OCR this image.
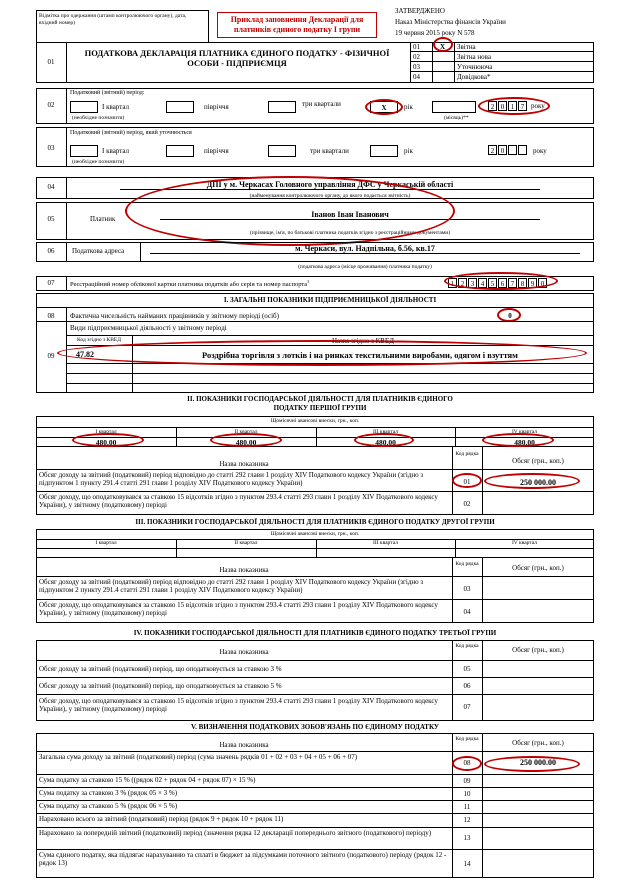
Відмітка про одержання (штамп контролюючого органу), дата, вхідний номер)	Приклад заповнення Декларації для платників єдиного податку I групи
ЗАТВЕРДЖЕНО
Наказ Міністерства фінансів України
19 червня 2015 року N 578
01
ПОДАТКОВА ДЕКЛАРАЦІЯ ПЛАТНИКА ЄДИНОГО ПОДАТКУ - ФІЗИЧНОЇ ОСОБИ - ПІДПРИЄМЦЯ
01	X Звітна
02	Звітна нова
03	Уточнююча
04	Довідкова*
02
Податковий (звітний) період:
I квартал
(необхідне позначити)
півріччя	три квартали	X	рік
(місяць)**
2 0 1 7 року
03
Податковий (звітний) період, який уточнюється
I квартал
(необхідне позначити)
півріччя	три квартали	рік	2 0	року
04	ДПІ у м. Черкасах Головного управління ДФС у Черкаській області
(найменування контролюючого органу, до якого подається звітність)
05	Платник	Іванов Іван Іванович
(прізвище, ім'я, по батькові платника податків згідно з реєстраційними документами)
06	Податкова адреса	м. Черкаси, вул. Надпільна, б.56, кв.17
(податкова адреса (місце проживання) платника податку)
07	Реєстраційний номер облікової картки платника податків або серія та номер паспорта$^3$	1 2 3 4 5 6 7 8 9 0
I. ЗАГАЛЬНІ ПОКАЗНИКИ ПІДПРИЄМНИЦЬКОЇ ДІЯЛЬНОСТІ
08	Фактична чисельність найманих працівників у звітному періоді (осіб)	0
Види підприємницької діяльності у звітному періоді
09
Код згідно з КВЕД	Назва згідно з КВЕД
47.82	Роздрібна торгівля з лотків і на ринках текстильними виробами, одягом і взуттям
II. ПОКАЗНИКИ ГОСПОДАРСЬКОЇ ДІЯЛЬНОСТІ ДЛЯ ПЛАТНИКІВ ЄДИНОГО ПОДАТКУ ПЕРШОЇ ГРУПИ
Щомісячні авансові внески, грн., коп.
I квартал	II квартал	III квартал	IV квартал
480.00	480.00	480.00	480.00
Назва показника
Код рядка
Обсяг (грн., коп.)
Обсяг доходу за звітний (податковий) період відповідно до статті 292 глави 1 розділу XIV Податкового кодексу України (згідно з підпунктом 1 пункту 291.4 статті 291 глави 1 розділу XIV Податкового кодексу України)	01	250 000.00
Обсяг доходу, що оподатковувався за ставкою 15 відсотків згідно з пунктом 293.4 статті 293 глави 1 розділу XIV Податкового кодексу України), у звітному (податковому) періоді	02
III. ПОКАЗНИКИ ГОСПОДАРСЬКОЇ ДІЯЛЬНОСТІ ДЛЯ ПЛАТНИКІВ ЄДИНОГО ПОДАТКУ ДРУГОЇ ГРУПИ
Щомісячні авансові внески, грн., коп.
I квартал	II квартал	III квартал	IV квартал
Назва показника
Код рядка	Обсяг (грн., коп.)
Обсяг доходу за звітний (податковий) період відповідно до статті 292 глави 1 розділу XIV Податкового кодексу України (згідно з підпунктом 2 пункту 291.4 статті 291 глави 1 розділу XIV Податкового кодексу України)	03
Обсяг доходу, що оподатковувався за ставкою 15 відсотків згідно з пунктом 293.4 статті 293 глави 1 розділу XIV Податкового кодексу України), у звітному (податковому) періоді	04
IV. ПОКАЗНИКИ ГОСПОДАРСЬКОЇ ДІЯЛЬНОСТІ ДЛЯ ПЛАТНИКІВ ЄДИНОГО ПОДАТКУ ТРЕТЬОЇ ГРУПИ
Назва показника
Код рядка	Обсяг (грн., коп.)
Обсяг доходу за звітний (податковий) період, що оподатковується за ставкою 3 %	05
Обсяг доходу за звітний (податковий) період, що оподатковується за ставкою 5 %	06
Обсяг доходу, що оподатковувався за ставкою 15 відсотків згідно з пунктом 293.4 статті 293 глави 1 розділу XIV Податкового кодексу України), у звітному (податковому) періоді	07
V. ВИЗНАЧЕННЯ ПОДАТКОВИХ ЗОБОВ'ЯЗАНЬ ПО ЄДИНОМУ ПОДАТКУ
Назва показника
Код рядка	Обсяг (грн., коп.)
Загальна сума доходу за звітний (податковий) період (сума значень рядків 01 + 02 + 03 + 04 + 05 + 06 + 07)
08	250 000.00
Сума податку за ставкою 15 % ((рядок 02 + рядок 04 + рядок 07) × 15 %)	09
Сума податку за ставкою 3 % (рядок 05 × 3 %)	10
Сума податку за ставкою 5 % (рядок 06 × 5 %)	11
Нараховано всього за звітний (податковий) період (рядок 9 + рядок 10 + рядок 11)	12
Нараховано за попередній звітний (податковий) період (значення рядка 12 декларації попереднього звітного (податкового) періоду)
13
Сума єдиного податку, яка підлягає нарахуванню та сплаті в бюджет за підсумками поточного звітного (податкового) періоду (рядок 12 - рядок 13)	14
